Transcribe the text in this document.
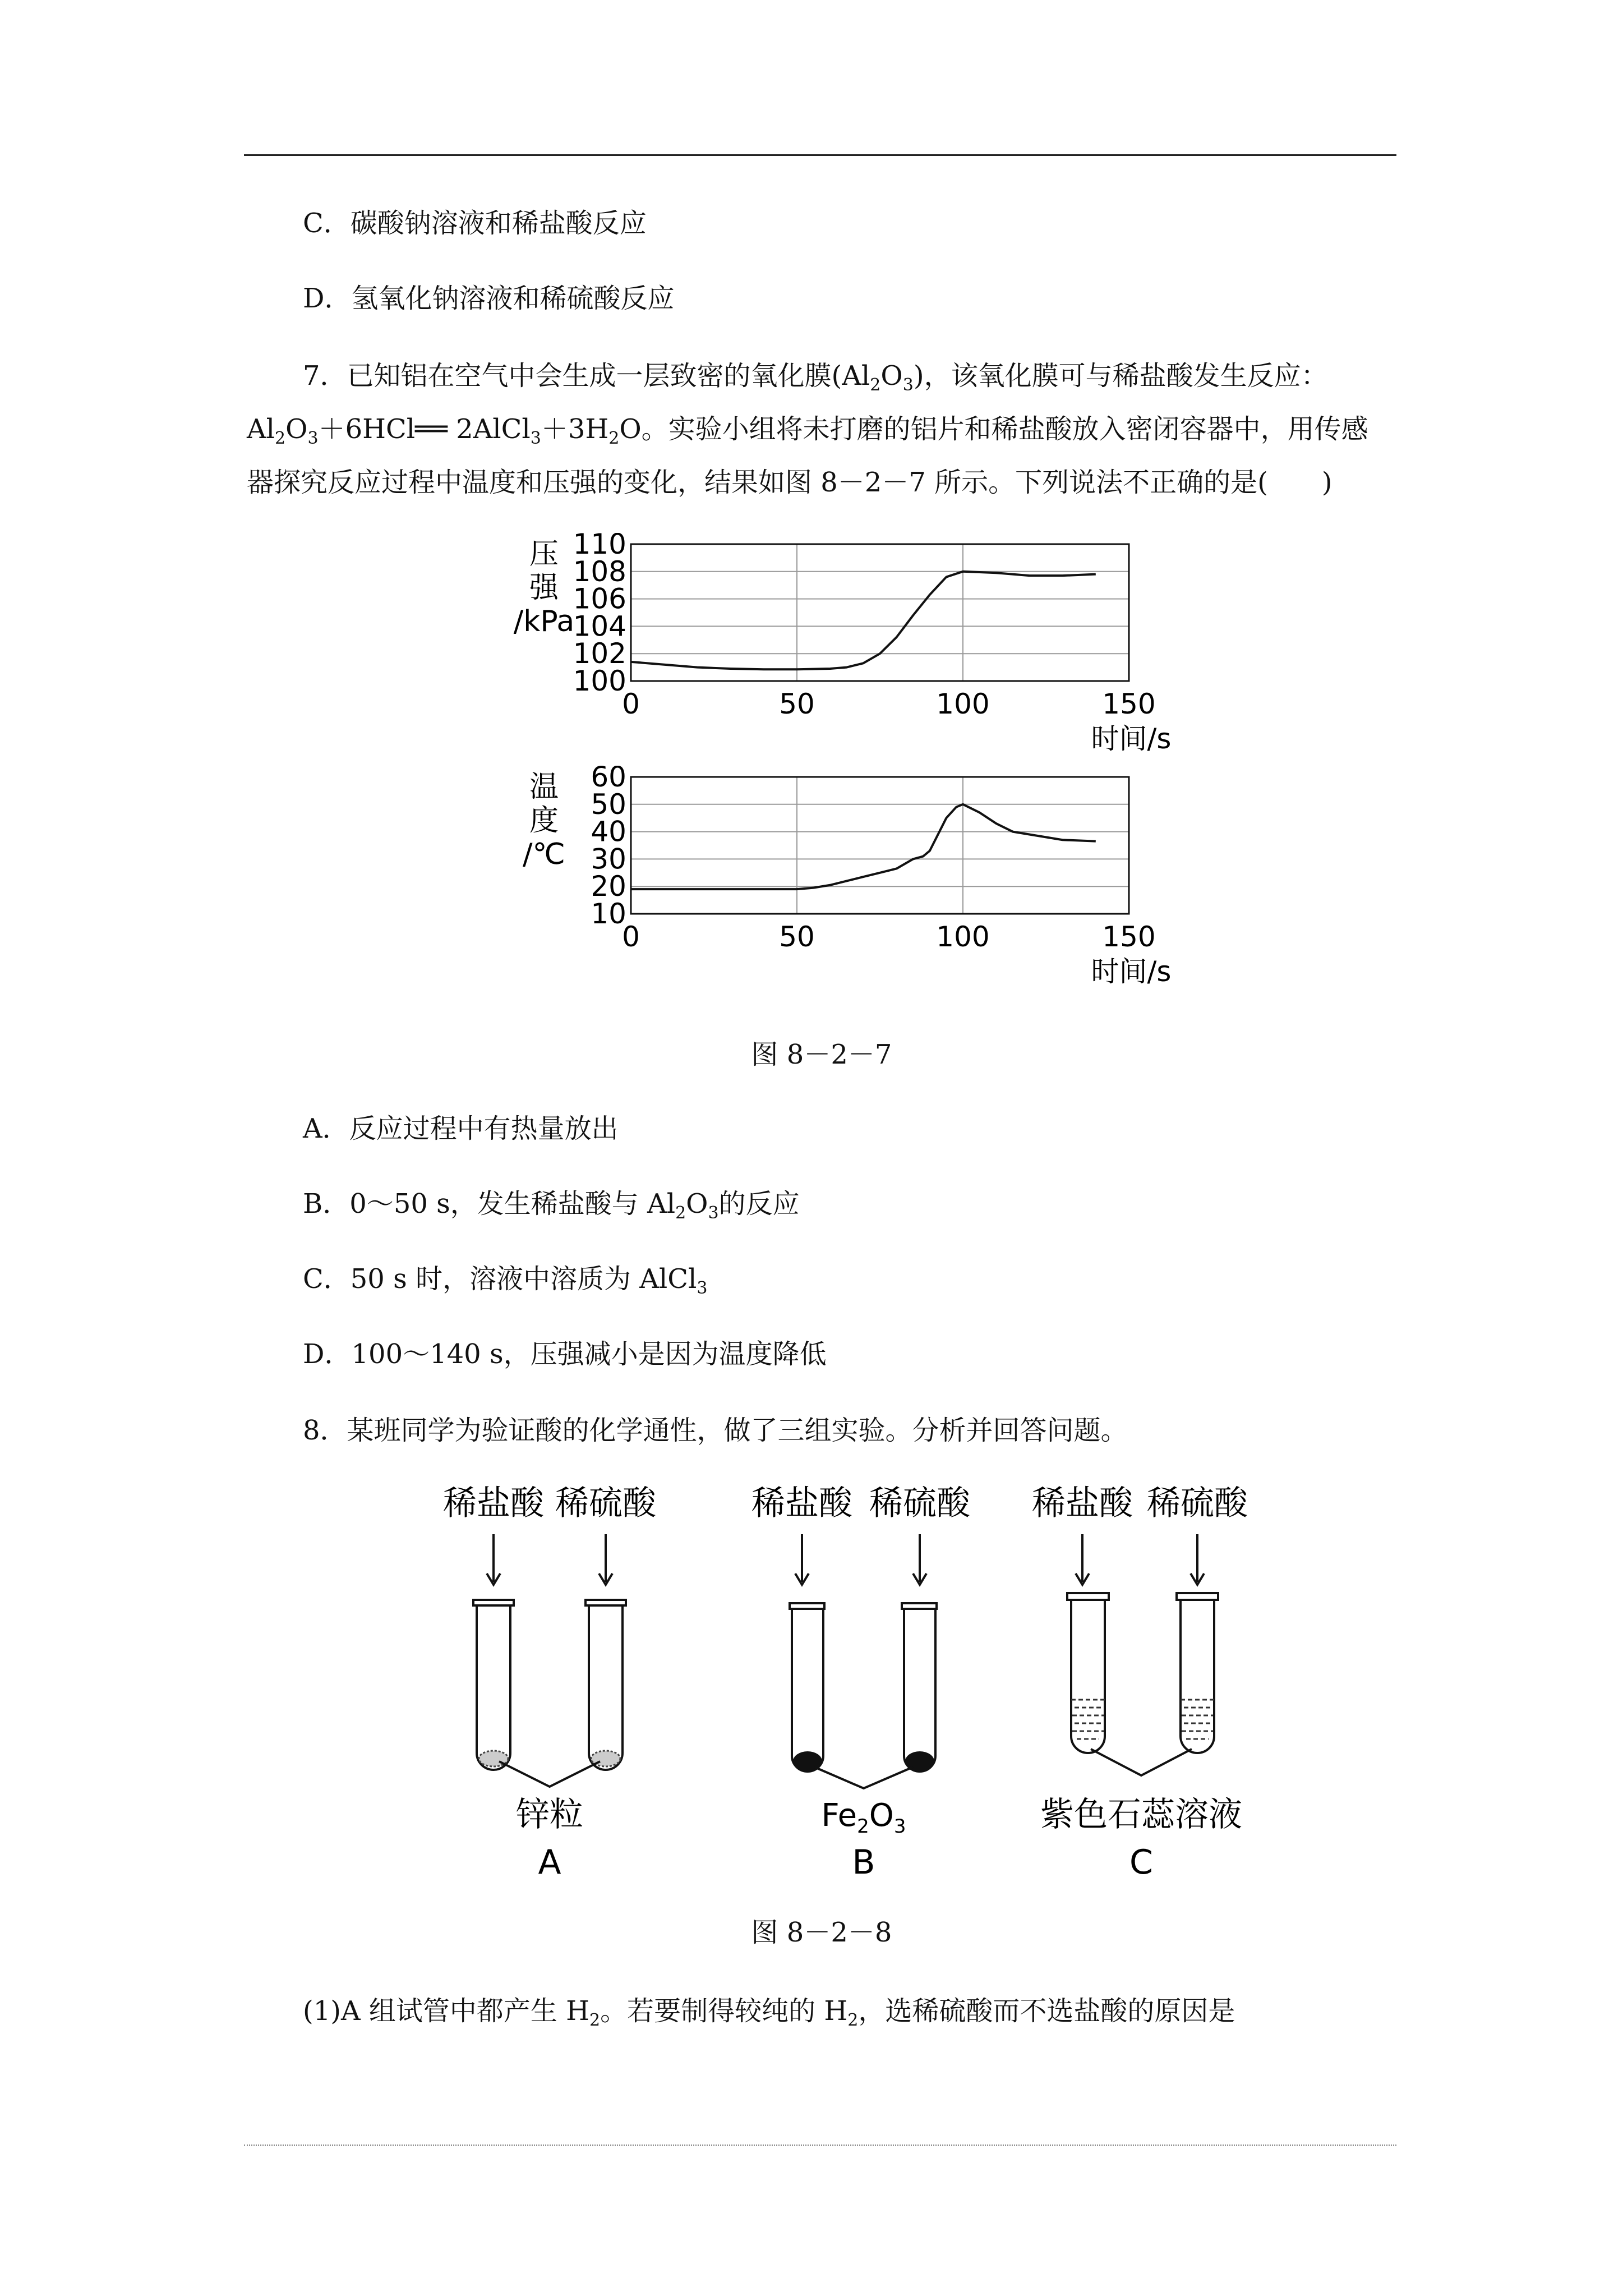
C．碳酸钠溶液和稀盐酸反应
D．氢氧化钠溶液和稀硫酸反应
7．已知铝在空气中会生成一层致密的氧化膜$(Al_2O_3)$，该氧化膜可与稀盐酸发生反应：
$Al_2O_3+6HCl══$ $2AlCl_3+3H_2O$。实验小组将未打磨的铝片和稀盐酸放入密闭容器中，用传感
器探究反应过程中温度和压强的变化，结果如图 8－2－7 所示。下列说法不正确的是(　　)
100
102
104
106
108
110
0	50	100	150
压
强
/kPa
时间/s
10
20
30
40
50
60
0	50	100	150
温
度
/℃
时间/s
图 8－2－7
A．反应过程中有热量放出
B．0～50 s，发生稀盐酸与 $Al_2O_3$的反应
C．50 s 时，溶液中溶质为 AlCl$_3$
D．100～140 s，压强减小是因为温度降低
8．某班同学为验证酸的化学通性，做了三组实验。分析并回答问题。
稀盐酸 稀硫酸
锌粒
A
稀盐酸 稀硫酸
$Fe_2O_3$
B
稀盐酸 稀硫酸
紫色石蕊溶液
C
图 8－2－8
(1)A 组试管中都产生 $H_2$。若要制得较纯的 $H_2$，选稀硫酸而不选盐酸的原因是
